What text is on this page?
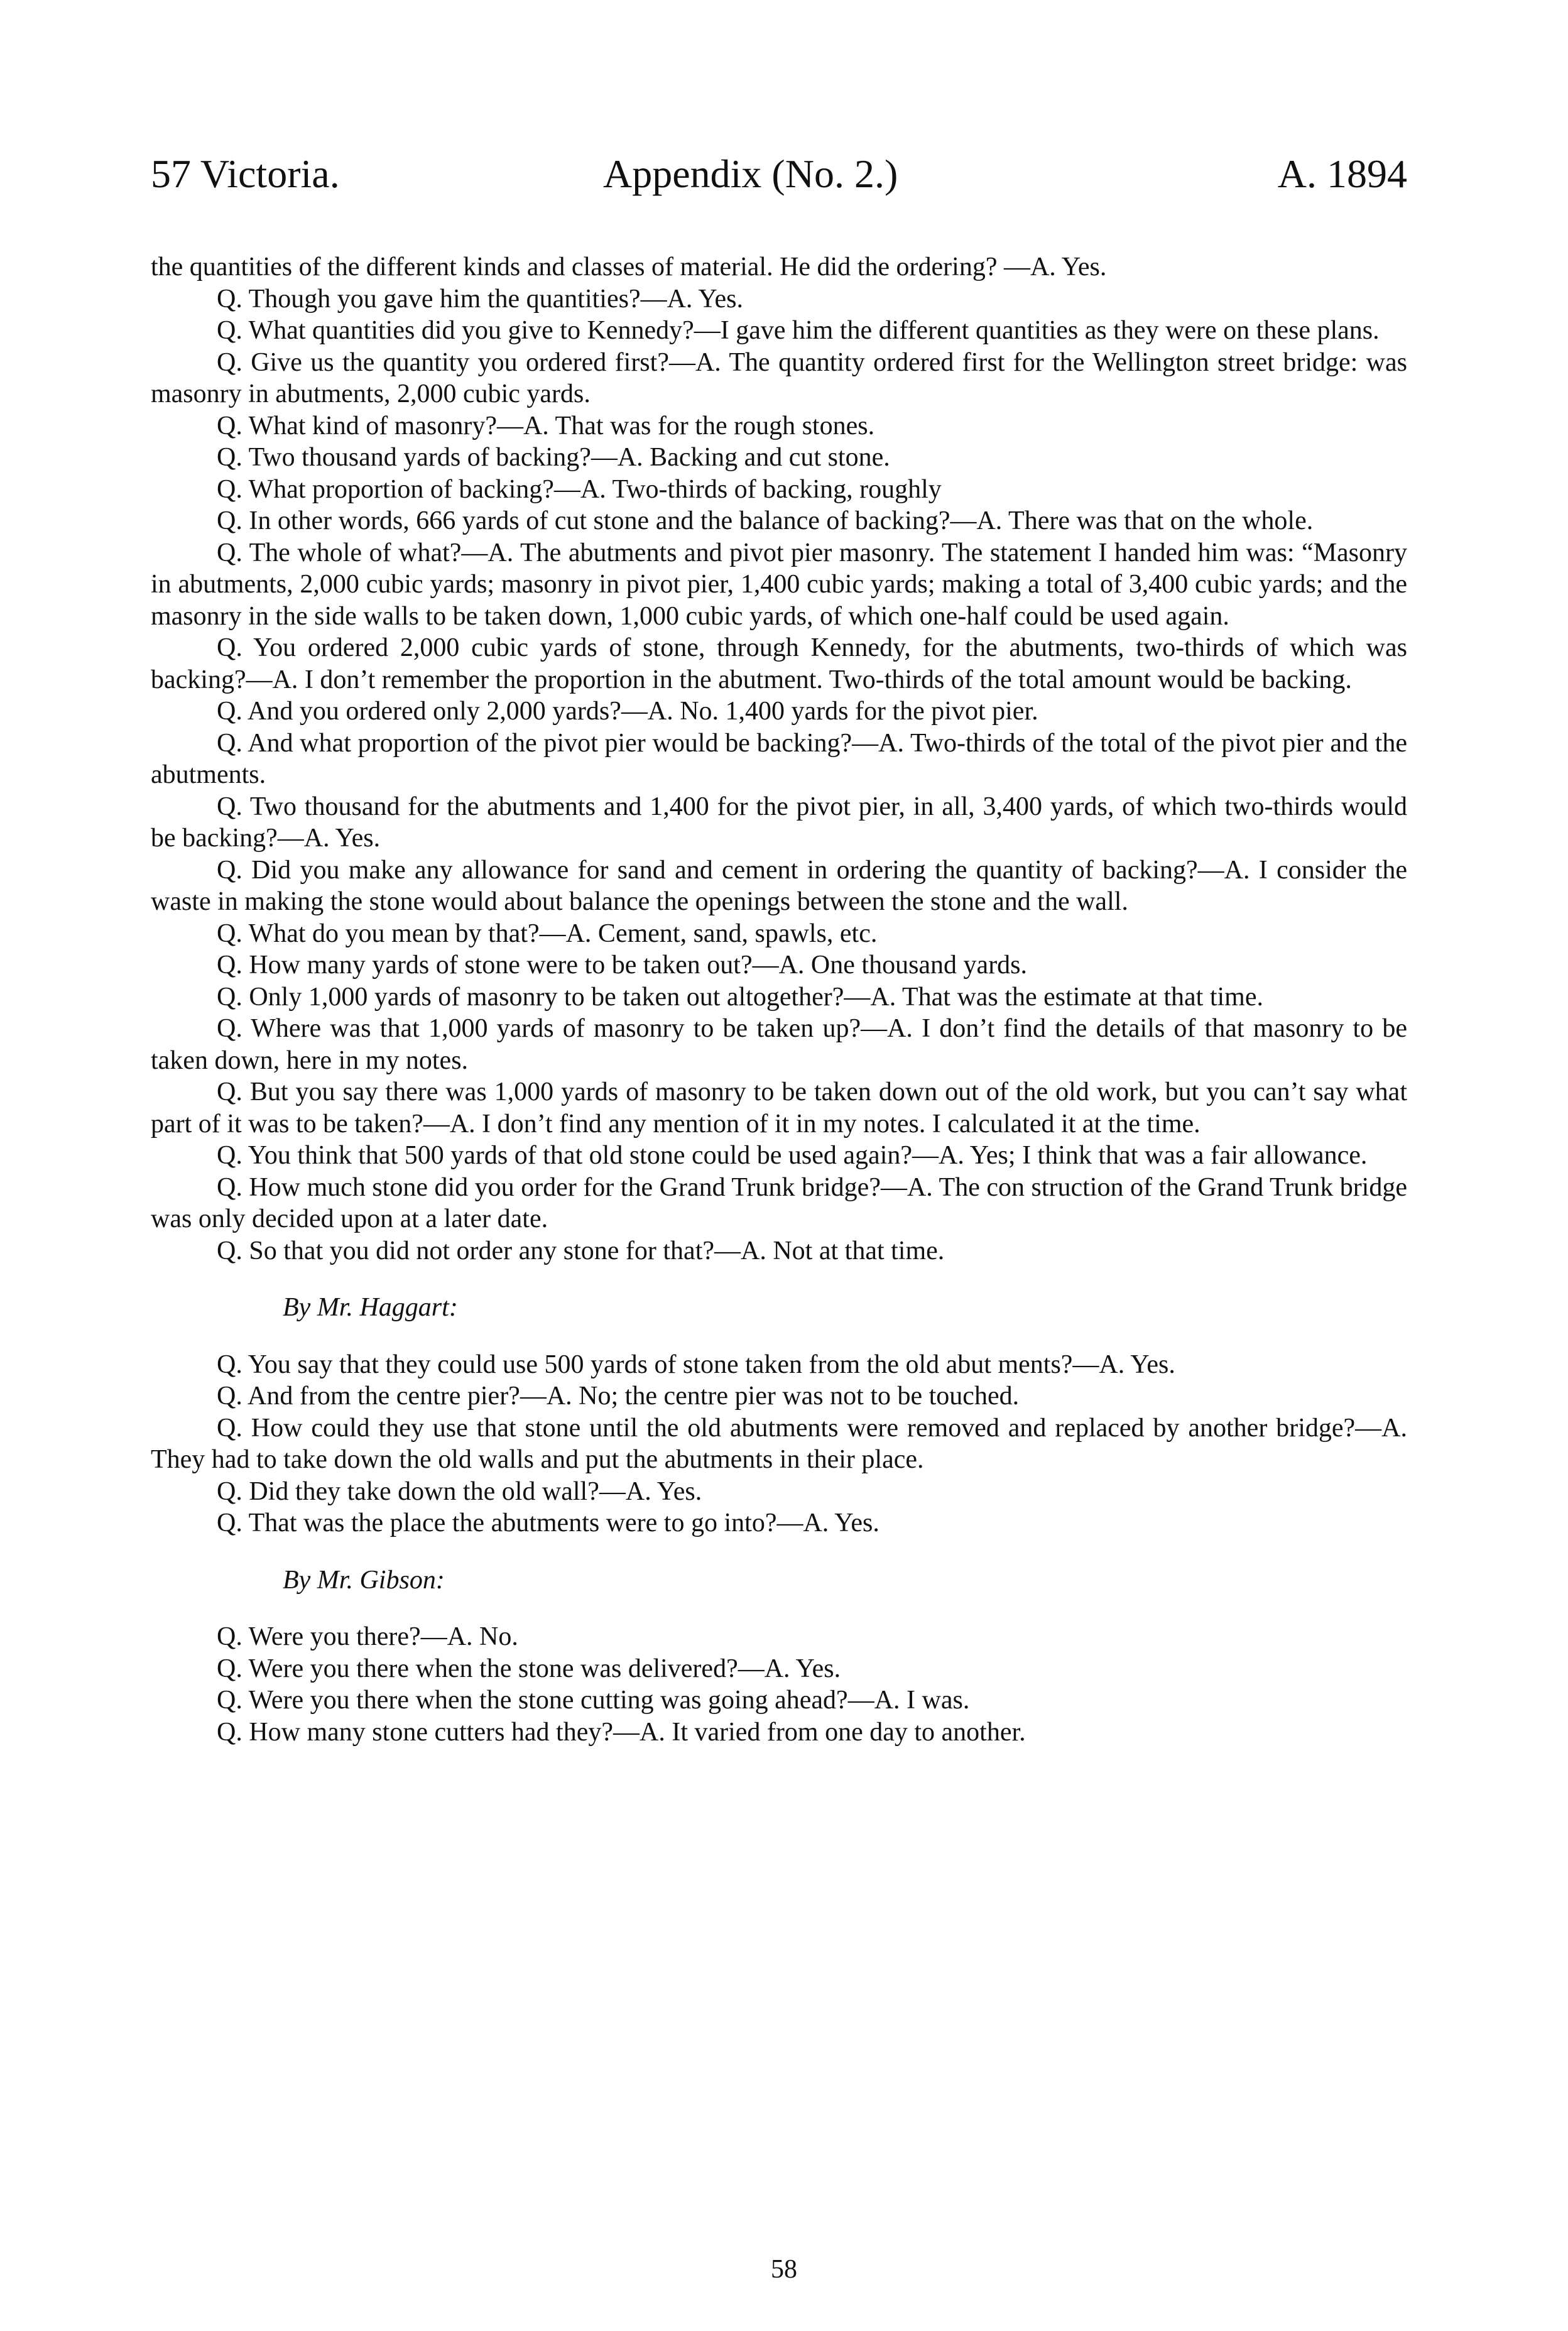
57 Victoria.	Appendix (No. 2.)	A. 1894

the quantities of the different kinds and classes of material. He did the ordering? —A. Yes.

Q. Though you gave him the quantities?—A. Yes.

Q. What quantities did you give to Kennedy?—I gave him the different quantities as they were on these plans.

Q. Give us the quantity you ordered first?—A. The quantity ordered first for the Wellington street bridge: was masonry in abutments, 2,000 cubic yards.

Q. What kind of masonry?—A. That was for the rough stones.

Q. Two thousand yards of backing?—A. Backing and cut stone.

Q. What proportion of backing?—A. Two-thirds of backing, roughly

Q. In other words, 666 yards of cut stone and the balance of backing?—A. There was that on the whole.

Q. The whole of what?—A. The abutments and pivot pier masonry. The statement I handed him was: “Masonry in abutments, 2,000 cubic yards; masonry in pivot pier, 1,400 cubic yards; making a total of 3,400 cubic yards; and the masonry in the side walls to be taken down, 1,000 cubic yards, of which one-half could be used again.

Q. You ordered 2,000 cubic yards of stone, through Kennedy, for the abutments, two-thirds of which was backing?—A. I don’t remember the proportion in the abutment. Two-thirds of the total amount would be backing.

Q. And you ordered only 2,000 yards?—A. No. 1,400 yards for the pivot pier.

Q. And what proportion of the pivot pier would be backing?—A. Two-thirds of the total of the pivot pier and the abutments.

Q. Two thousand for the abutments and 1,400 for the pivot pier, in all, 3,400 yards, of which two-thirds would be backing?—A. Yes.

Q. Did you make any allowance for sand and cement in ordering the quantity of backing?—A. I consider the waste in making the stone would about balance the openings between the stone and the wall.

Q. What do you mean by that?—A. Cement, sand, spawls, etc.

Q. How many yards of stone were to be taken out?—A. One thousand yards.

Q. Only 1,000 yards of masonry to be taken out altogether?—A. That was the estimate at that time.

Q. Where was that 1,000 yards of masonry to be taken up?—A. I don’t find the details of that masonry to be taken down, here in my notes.

Q. But you say there was 1,000 yards of masonry to be taken down out of the old work, but you can’t say what part of it was to be taken?—A. I don’t find any mention of it in my notes. I calculated it at the time.

Q. You think that 500 yards of that old stone could be used again?—A. Yes; I think that was a fair allowance.

Q. How much stone did you order for the Grand Trunk bridge?—A. The con struction of the Grand Trunk bridge was only decided upon at a later date.

Q. So that you did not order any stone for that?—A. Not at that time.

By Mr. Haggart:

Q. You say that they could use 500 yards of stone taken from the old abut ments?—A. Yes.

Q. And from the centre pier?—A. No; the centre pier was not to be touched.

Q. How could they use that stone until the old abutments were removed and replaced by another bridge?—A. They had to take down the old walls and put the abutments in their place.

Q. Did they take down the old wall?—A. Yes.

Q. That was the place the abutments were to go into?—A. Yes.

By Mr. Gibson:

Q. Were you there?—A. No.

Q. Were you there when the stone was delivered?—A. Yes.

Q. Were you there when the stone cutting was going ahead?—A. I was.

Q. How many stone cutters had they?—A. It varied from one day to another.

58
